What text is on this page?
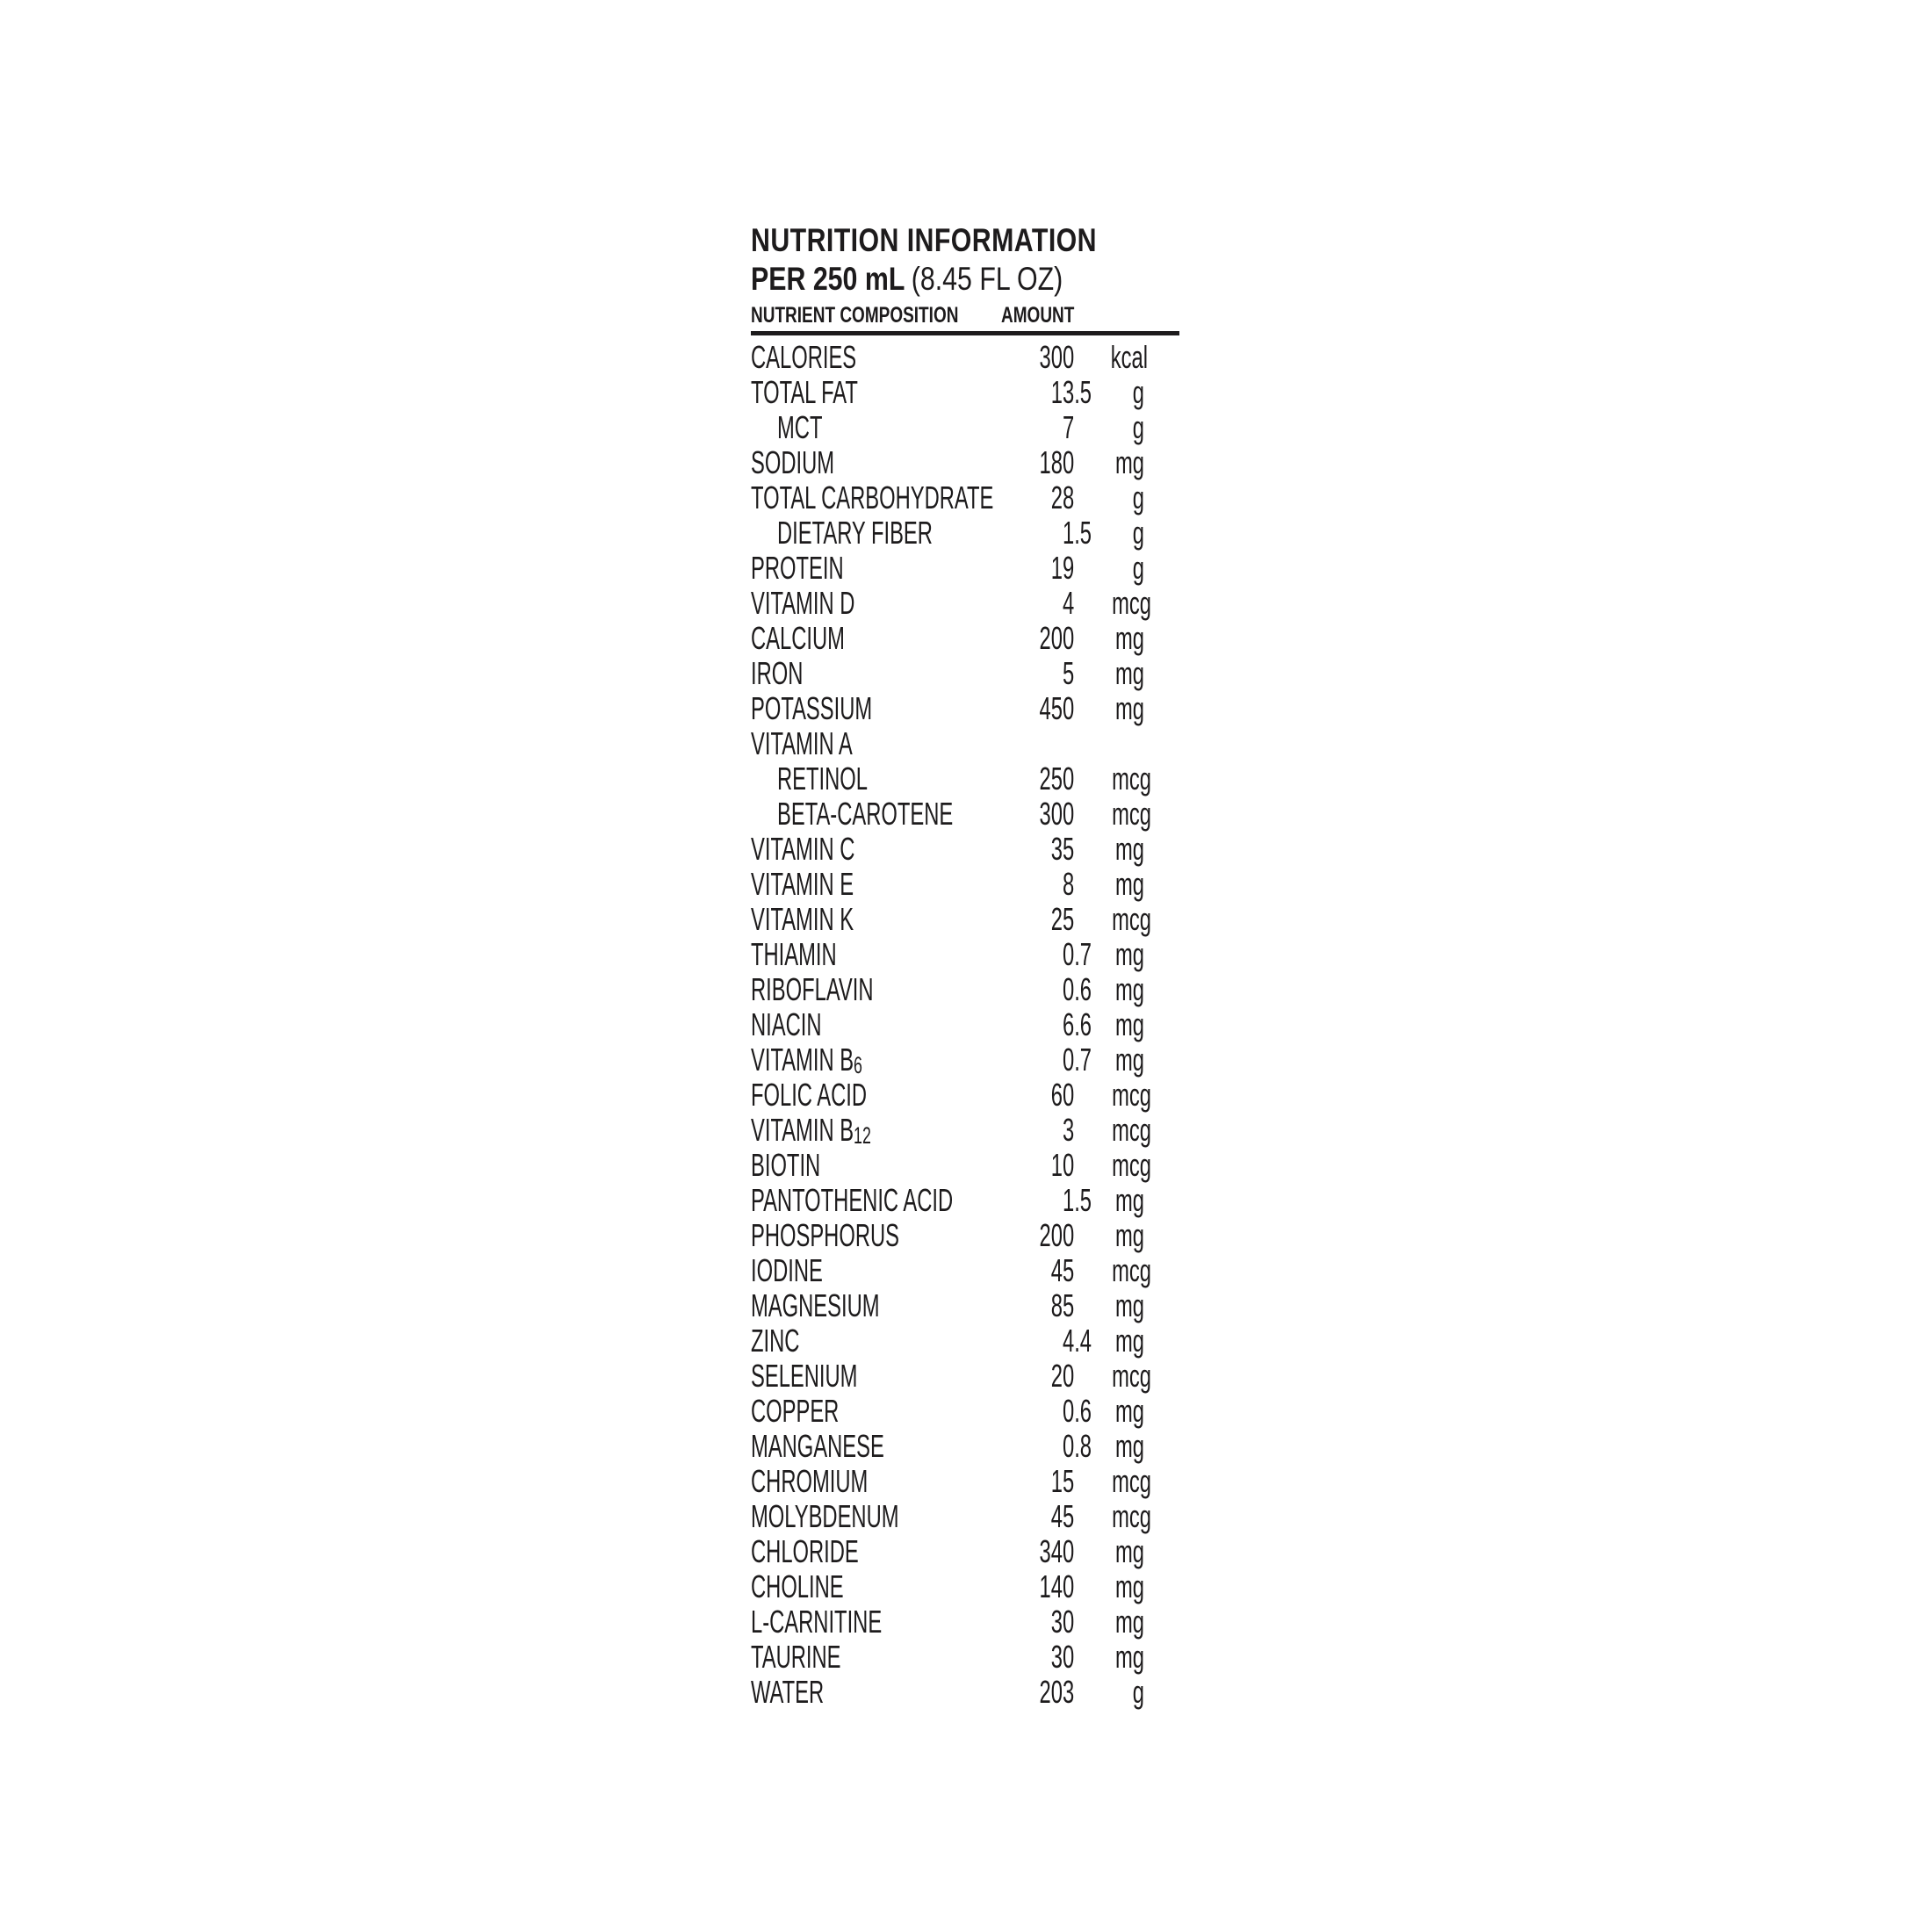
NUTRITION INFORMATION
PER 250 mL (8.45 FL OZ)
NUTRIENT COMPOSITION AMOUNT
CALORIES	300	kcal
TOTAL FAT	13 .5	g
MCT	7	g
SODIUM	180	mg
TOTAL CARBOHYDRATE	28	g
DIETARY FIBER	1 .5	g
PROTEIN	19	g
VITAMIN D	4	mcg
CALCIUM	200	mg
IRON	5	mg
POTASSIUM	450	mg
VITAMIN A
RETINOL	250	mcg
BETA-CAROTENE	300	mcg
VITAMIN C	35	mg
VITAMIN E	8	mg
VITAMIN K	25	mcg
THIAMIN	0 .7 mg
RIBOFLAVIN	0 .6 mg
NIACIN	6 .6 mg
VITAMIN B6	0 .7 mg
FOLIC ACID	60	mcg
VITAMIN B12	3	mcg
BIOTIN	10	mcg
PANTOTHENIC ACID	1 .5 mg
PHOSPHORUS	200	mg
IODINE	45	mcg
MAGNESIUM	85	mg
ZINC	4 .4 mg
SELENIUM	20	mcg
COPPER	0 .6 mg
MANGANESE	0 .8 mg
CHROMIUM	15	mcg
MOLYBDENUM	45	mcg
CHLORIDE	340	mg
CHOLINE	140	mg
L-CARNITINE	30	mg
TAURINE	30	mg
WATER	203	g
